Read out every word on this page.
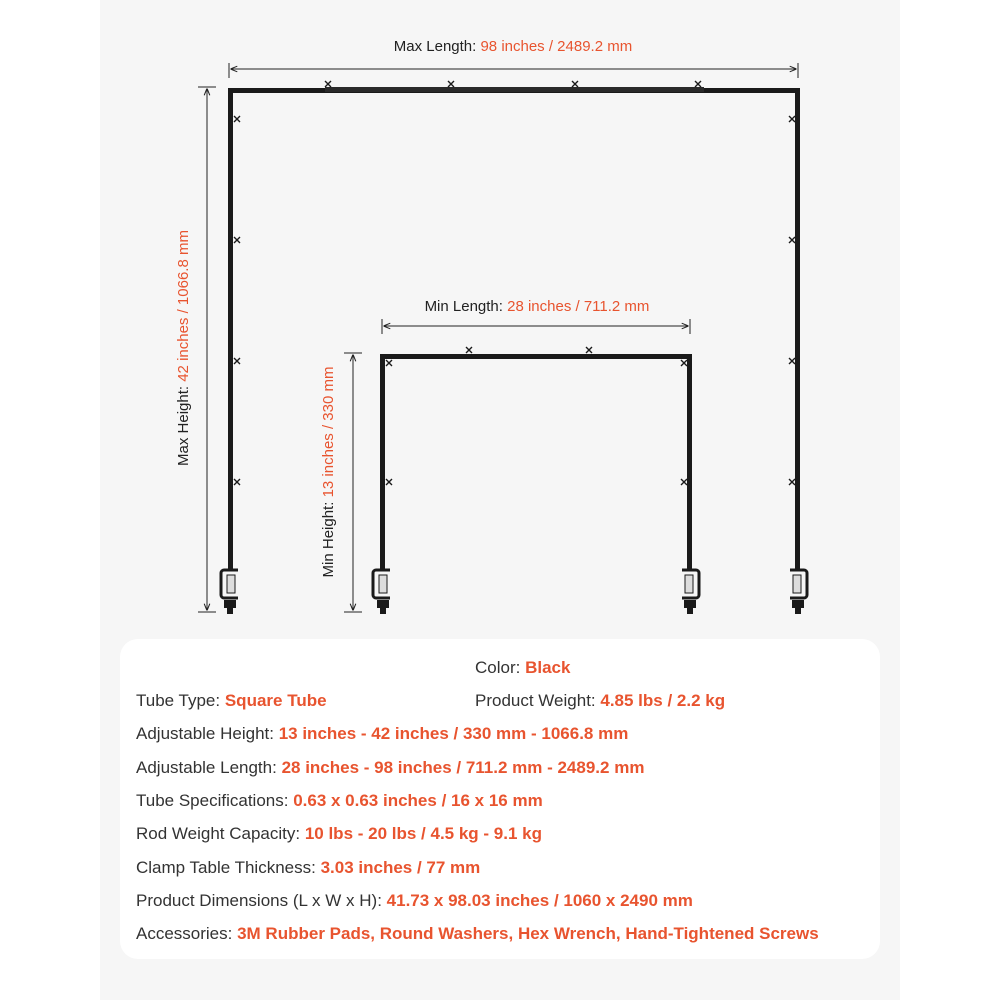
Max Length: 98 inches / 2489.2 mm
Max Height: 42 inches / 1066.8 mm	Min Length: 28 inches / 711.2 mm
Min Height: 13 inches / 330 mm
Color: Black
Tube Type: Square Tube	Product Weight: 4.85 lbs / 2.2 kg
Adjustable Height: 13 inches - 42 inches / 330 mm - 1066.8 mm
Adjustable Length: 28 inches - 98 inches / 711.2 mm - 2489.2 mm
Tube Specifications: 0.63 x 0.63 inches / 16 x 16 mm
Rod Weight Capacity: 10 lbs - 20 lbs / 4.5 kg - 9.1 kg
Clamp Table Thickness: 3.03 inches / 77 mm
Product Dimensions (L x W x H): 41.73 x 98.03 inches / 1060 x 2490 mm
Accessories: 3M Rubber Pads, Round Washers, Hex Wrench, Hand-Tightened Screws
